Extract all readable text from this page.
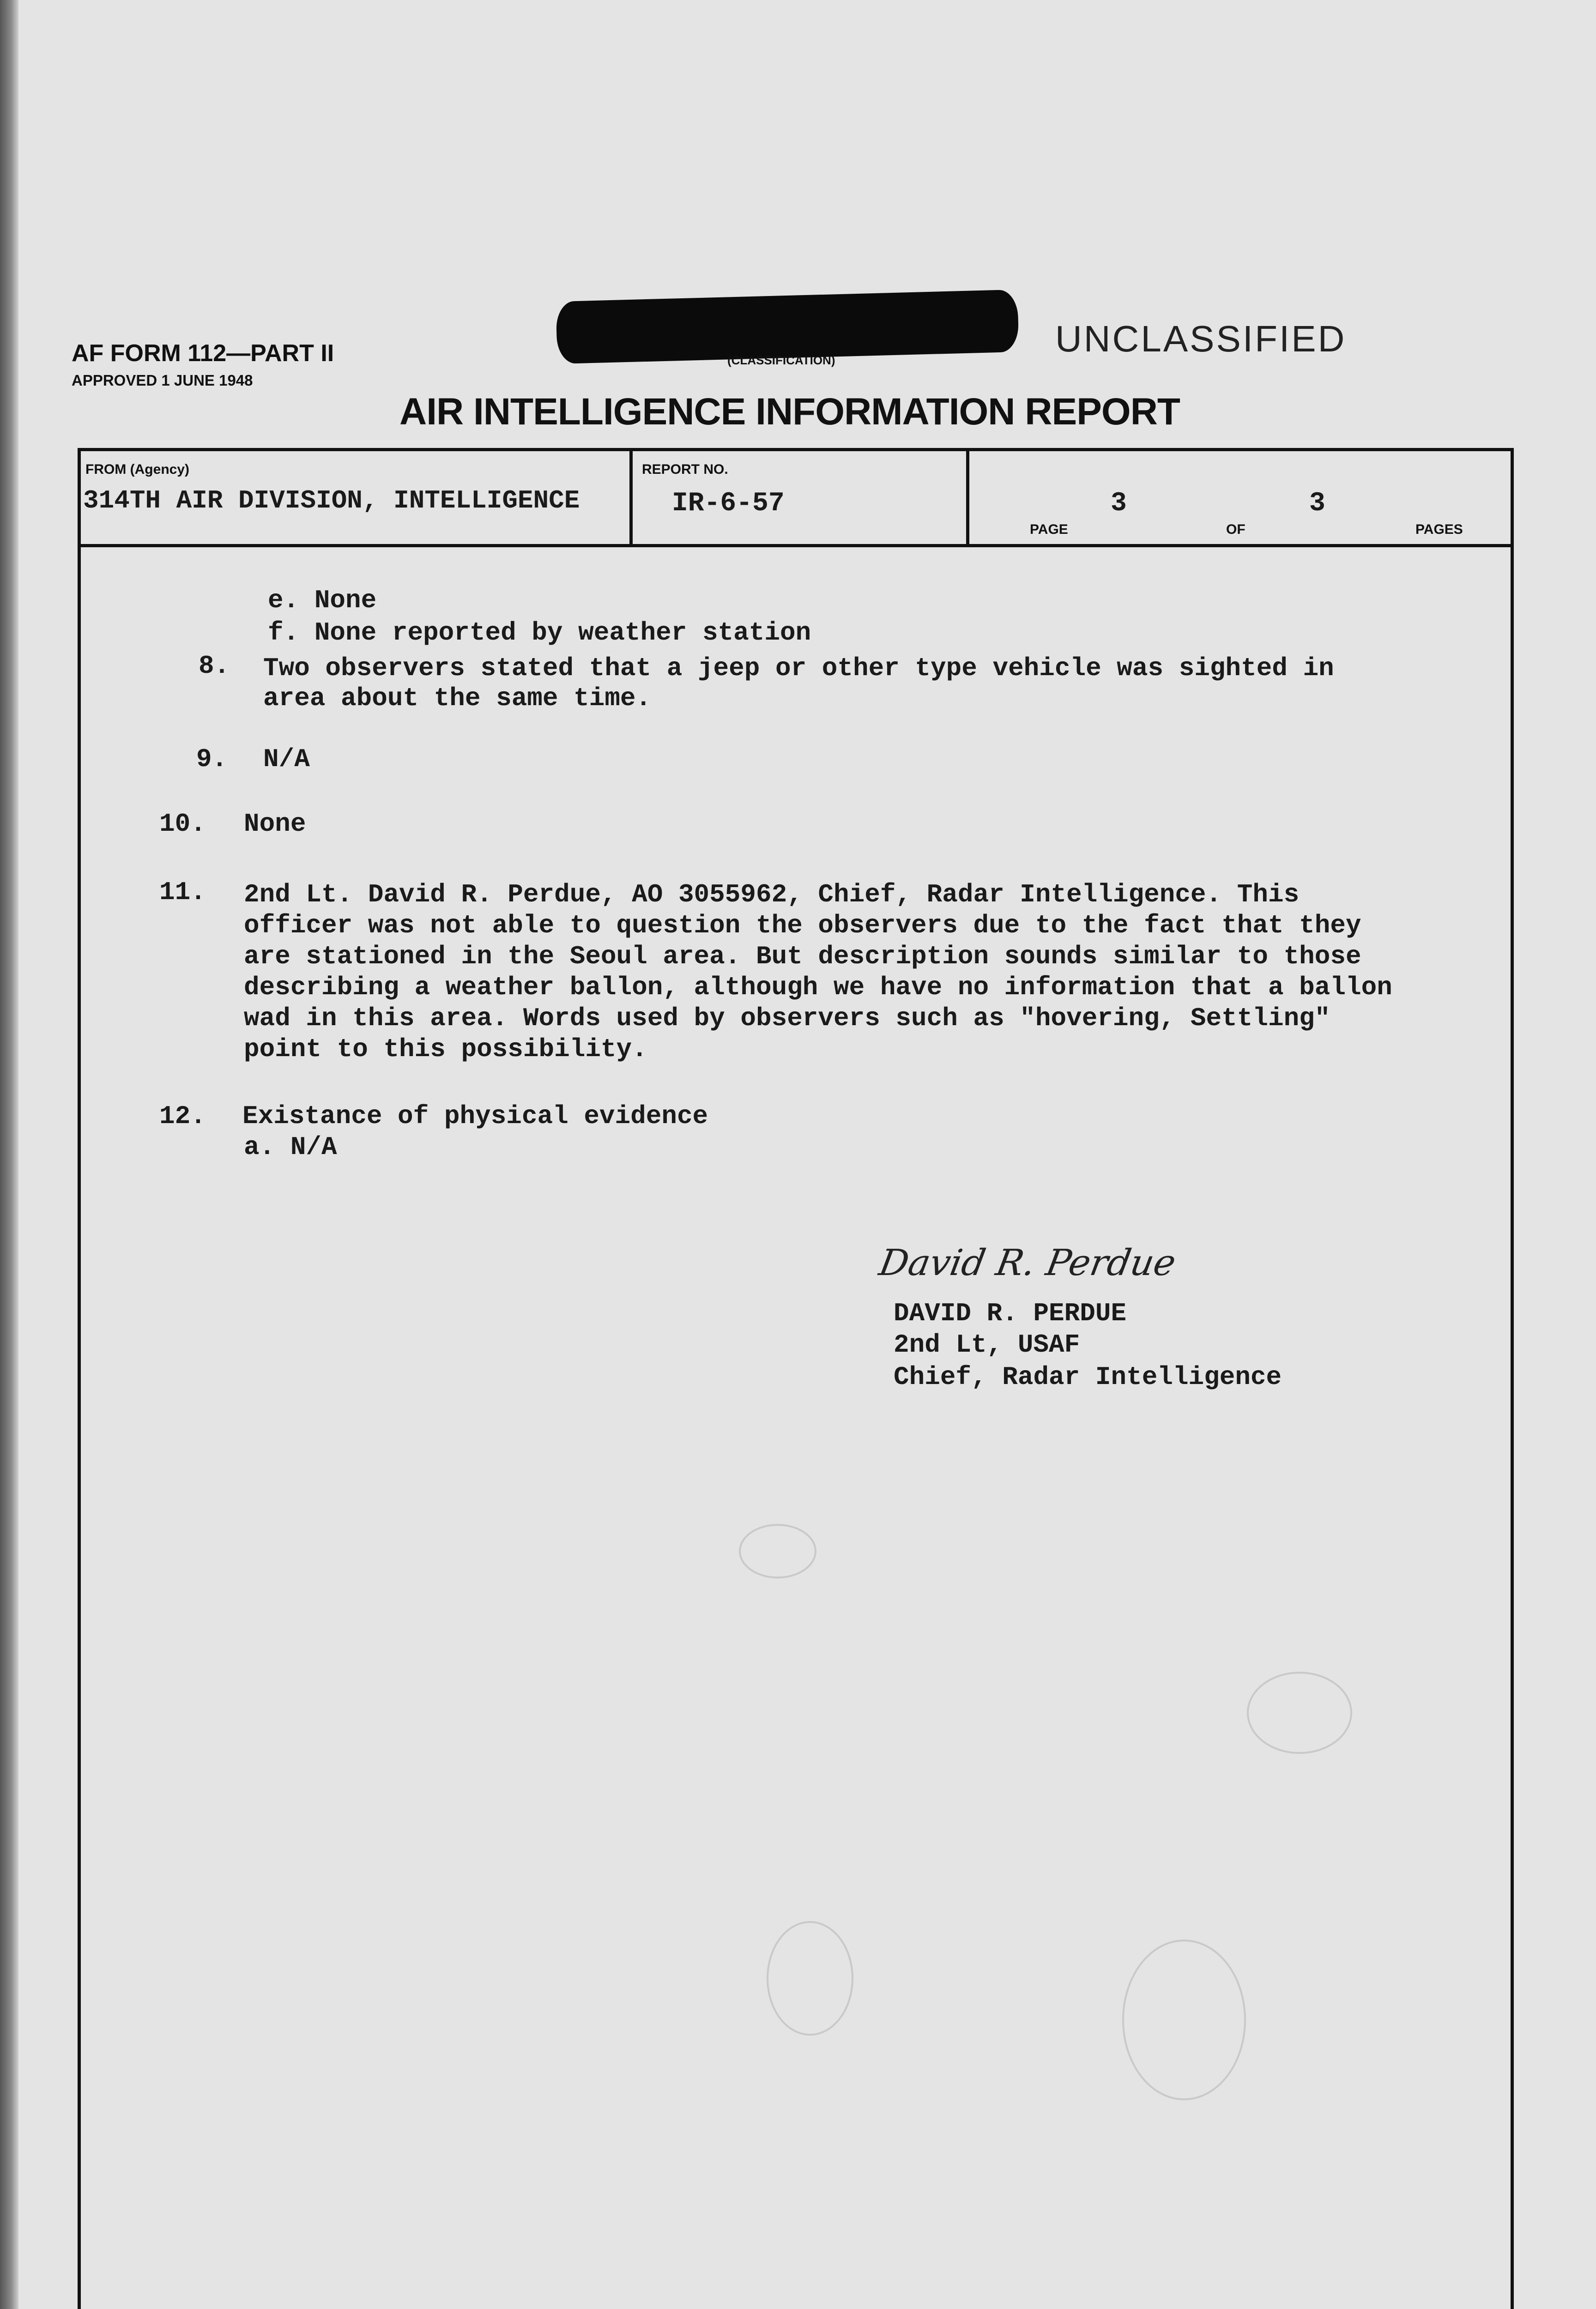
AF FORM 112—PART II
APPROVED 1 JUNE 1948
(CLASSIFICATION)
UNCLASSIFIED
AIR INTELLIGENCE INFORMATION REPORT
FROM (Agency)
314TH AIR DIVISION, INTELLIGENCE
REPORT NO.
IR-6-57
PAGE
3
OF
3
PAGES
e. None
f. None reported by weather station
8. Two observers stated that a jeep or other type vehicle was sighted in
area about the same time.
9. N/A
10. None
11. 2nd Lt. David R. Perdue, AO 3055962, Chief, Radar Intelligence. This
officer was not able to question the observers due to the fact that they
are stationed in the Seoul area. But description sounds similar to those
describing a weather ballon, although we have no information that a ballon
wad in this area. Words used by observers such as "hovering, Settling"
point to this possibility.
12. Existance of physical evidence
a. N/A
David R. Perdue
DAVID R. PERDUE
2nd Lt, USAF
Chief, Radar Intelligence
